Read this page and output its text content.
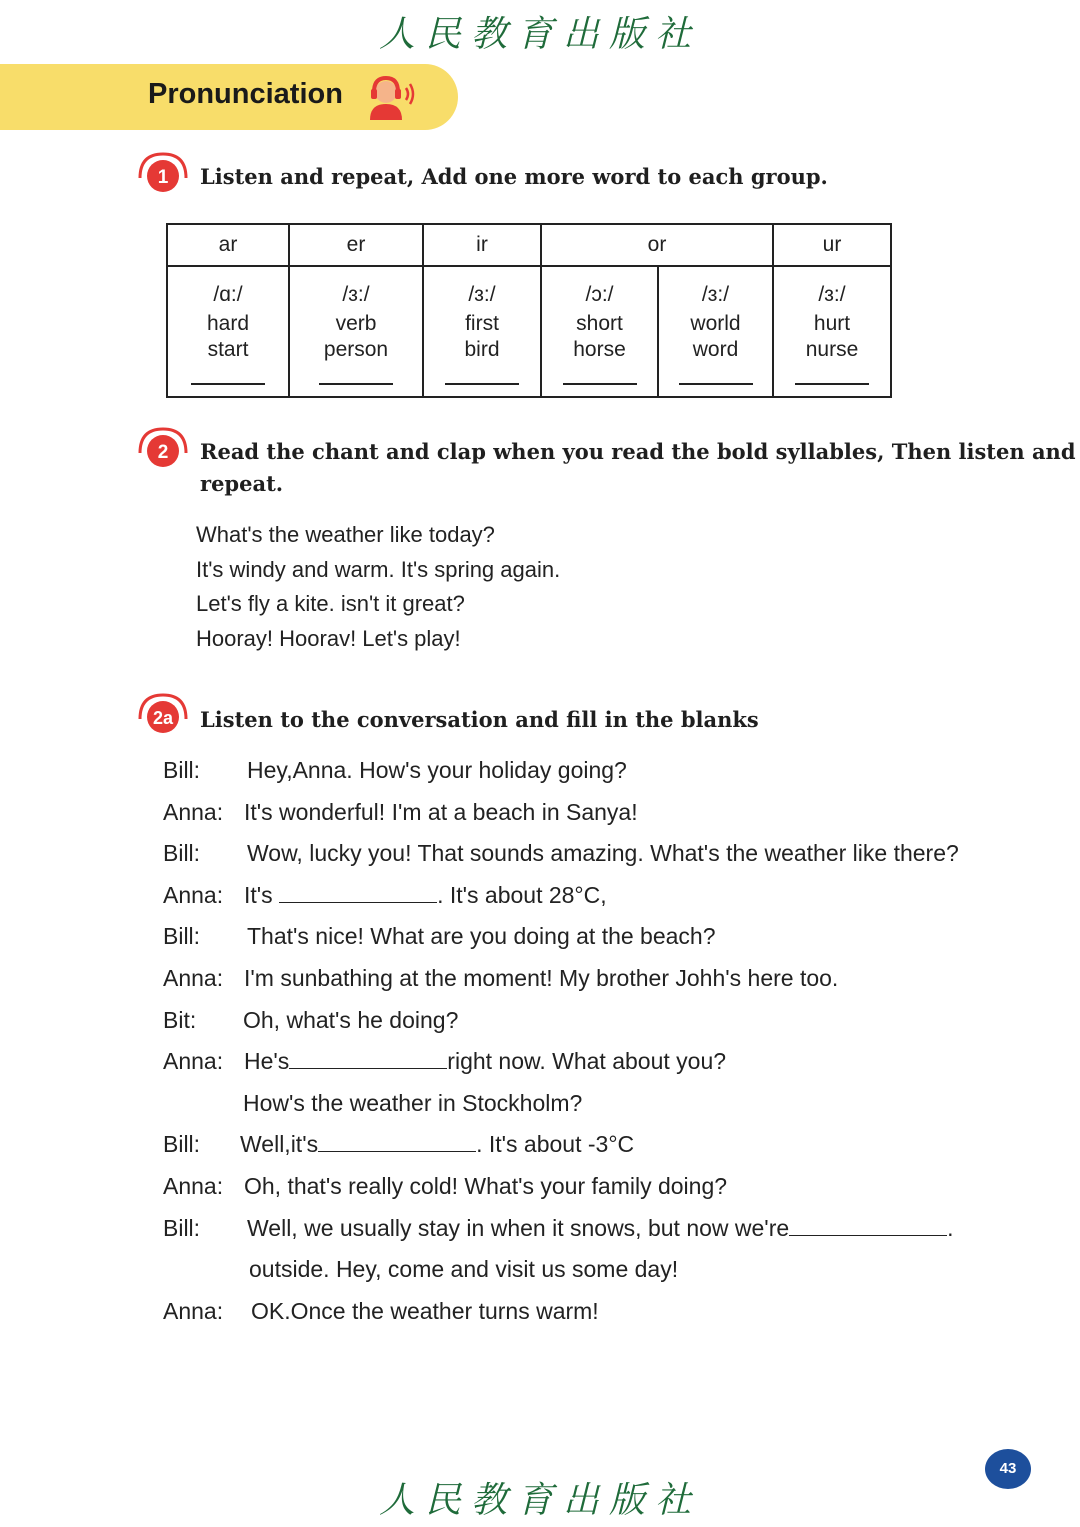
人民教育出版社
Pronunciation
1 Listen and repeat, Add one more word to each group.
ar	er	ir	or		ur

/ɑ:/
hard
start	/ɜ:/
verb
person	/ɜ:/
first
bird	/ɔ:/
short
horse	/ɜ:/
world
word	/ɜ:/
hurt
nurse
2 Read the chant and clap when you read the bold syllables, Then listen and
repeat.
What's the weather like today?
It's windy and warm. It's spring again.
Let's fly a kite. isn't it great?
Hooray! Hoorav! Let's play!
2a Listen to the conversation and fill in the blanks
Bill: Hey,Anna. How's your holiday going?
Anna: It's wonderful! I'm at a beach in Sanya!
Bill: Wow, lucky you! That sounds amazing. What's the weather like there?
Anna: It's	. It's about 28°C,
Bill: That's nice! What are you doing at the beach?
Anna: I'm sunbathing at the moment! My brother Johh's here too.
Bit: Oh, what's he doing?
Anna: He's	right now. What about you?
How's the weather in Stockholm?
Bill: Well,it's	. It's about -3°C
Anna: Oh, that's really cold! What's your family doing?
Bill: Well, we usually stay in when it snows, but now we're	.
outside. Hey, come and visit us some day!
Anna: OK.Once the weather turns warm!
43
人民教育出版社
